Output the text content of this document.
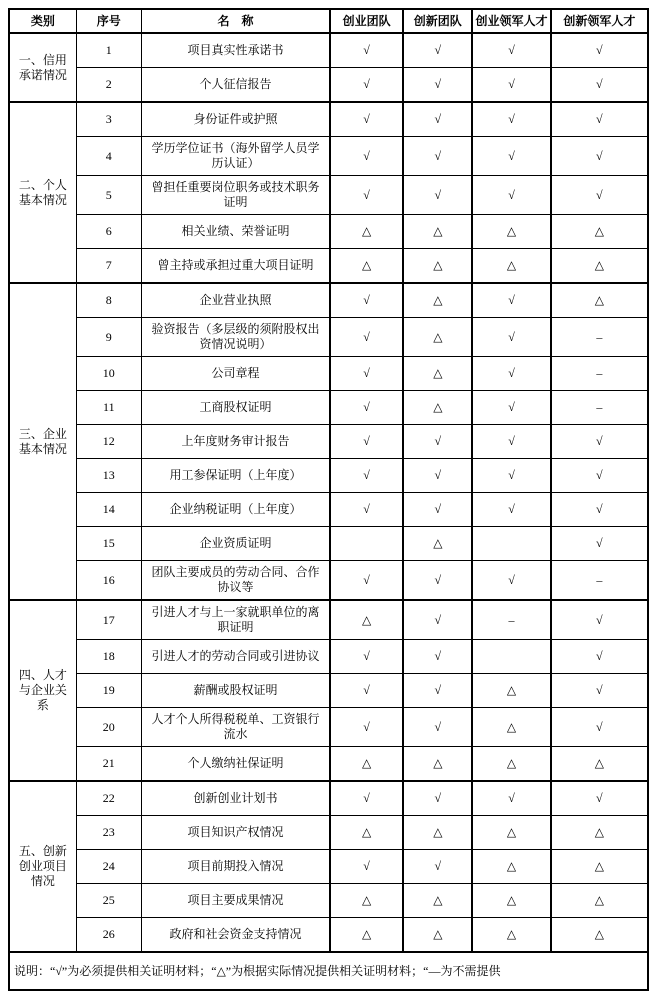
类别	序号	名　称	创业团队	创新团队	创业领军人才	创新领军人才
一、信用承诺情况	1	项目真实性承诺书	√	√	√	√
	2	个人征信报告	√	√	√	√
二、个人基本情况	3	身份证件或护照	√	√	√	√
	4	学历学位证书（海外留学人员学历认证）	√	√	√	√
	5	曾担任重要岗位职务或技术职务证明	√	√	√	√
	6	相关业绩、荣誉证明	△	△	△	△
	7	曾主持或承担过重大项目证明	△	△	△	△
三、企业基本情况	8	企业营业执照	√	△	√	△
	9	验资报告（多层级的须附股权出资情况说明）	√	△	√	–
	10	公司章程	√	△	√	–
	11	工商股权证明	√	△	√	–
	12	上年度财务审计报告	√	√	√	√
	13	用工参保证明（上年度）	√	√	√	√
	14	企业纳税证明（上年度）	√	√	√	√
	15	企业资质证明		△		√
	16	团队主要成员的劳动合同、合作协议等	√	√	√	–
四、人才与企业关系	17	引进人才与上一家就职单位的离职证明	△	√	–	√
	18	引进人才的劳动合同或引进协议	√	√		√
	19	薪酬或股权证明	√	√	△	√
	20	人才个人所得税税单、工资银行流水	√	√	△	√
	21	个人缴纳社保证明	△	△	△	△
五、创新创业项目情况	22	创新创业计划书	√	√	√	√
	23	项目知识产权情况	△	△	△	△
	24	项目前期投入情况	√	√	△	△
	25	项目主要成果情况	△	△	△	△
	26	政府和社会资金支持情况	△	△	△	△
说明：“√”为必须提供相关证明材料；“△”为根据实际情况提供相关证明材料；“—为不需提供						
